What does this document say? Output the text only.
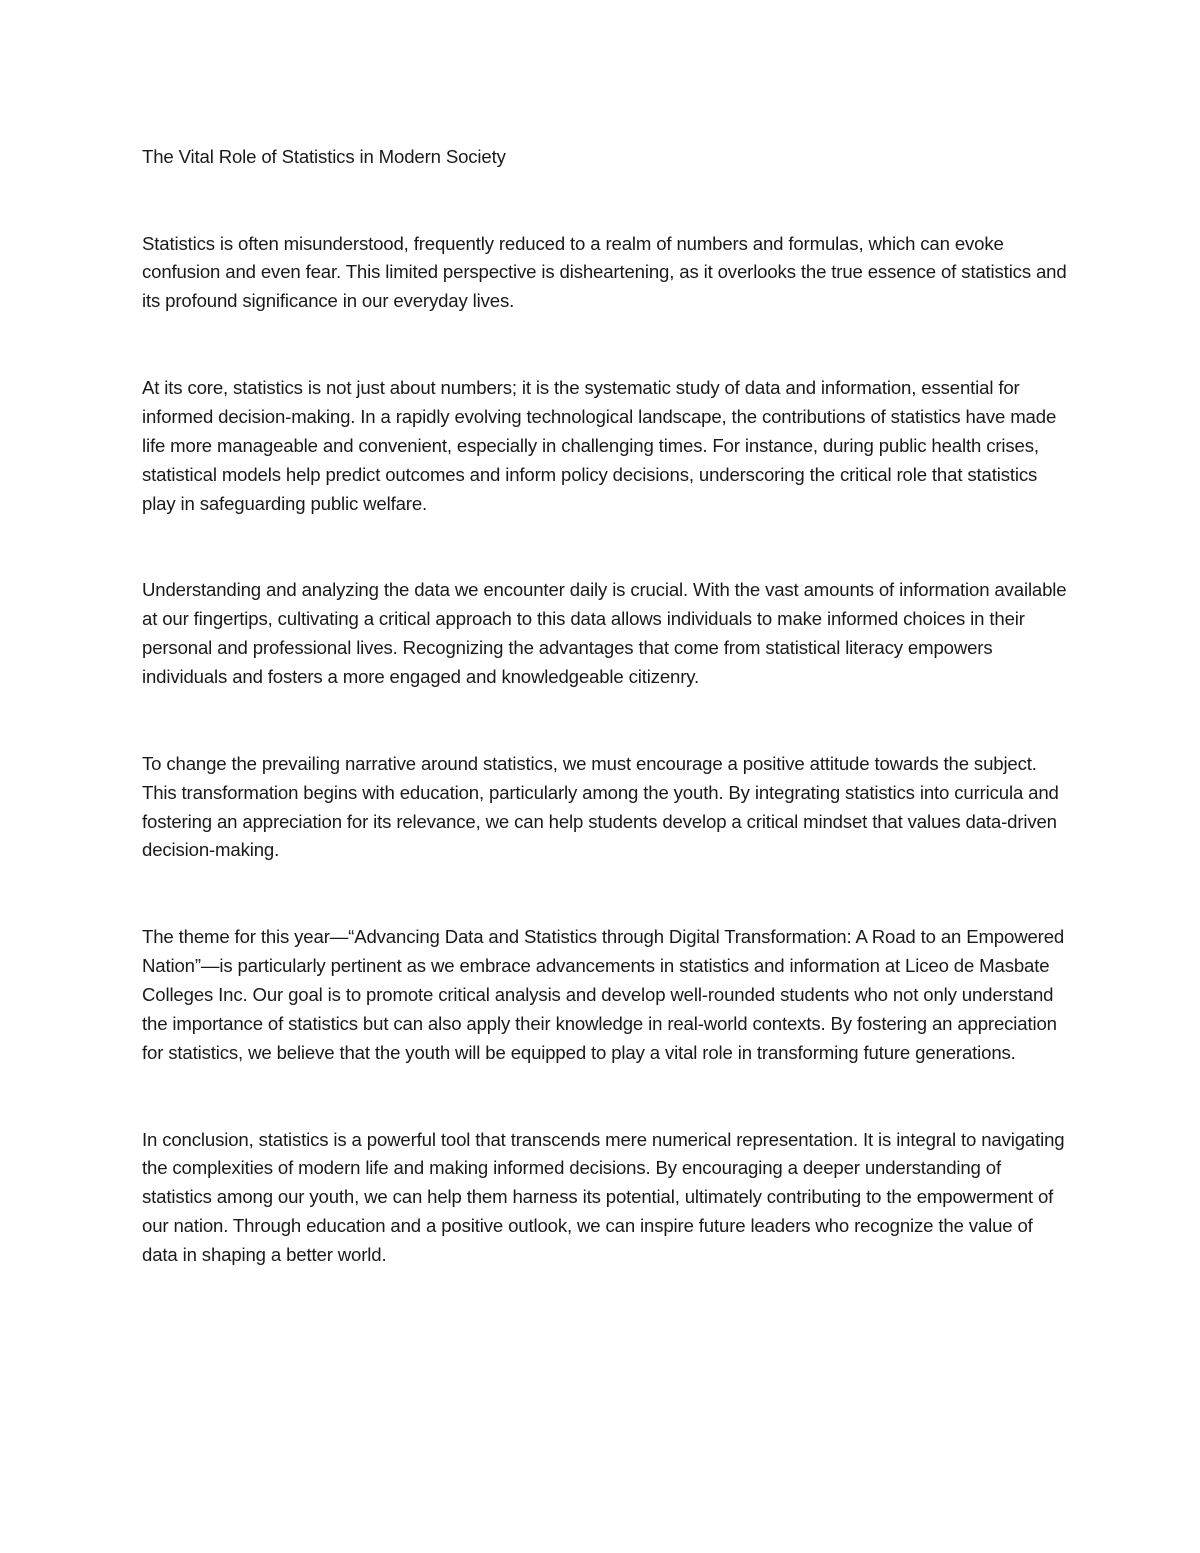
The Vital Role of Statistics in Modern Society

Statistics is often misunderstood, frequently reduced to a realm of numbers and formulas, which can evoke confusion and even fear. This limited perspective is disheartening, as it overlooks the true essence of statistics and its profound significance in our everyday lives.

At its core, statistics is not just about numbers; it is the systematic study of data and information, essential for informed decision-making. In a rapidly evolving technological landscape, the contributions of statistics have made life more manageable and convenient, especially in challenging times. For instance, during public health crises, statistical models help predict outcomes and inform policy decisions, underscoring the critical role that statistics play in safeguarding public welfare.

Understanding and analyzing the data we encounter daily is crucial. With the vast amounts of information available at our fingertips, cultivating a critical approach to this data allows individuals to make informed choices in their personal and professional lives. Recognizing the advantages that come from statistical literacy empowers individuals and fosters a more engaged and knowledgeable citizenry.

To change the prevailing narrative around statistics, we must encourage a positive attitude towards the subject. This transformation begins with education, particularly among the youth. By integrating statistics into curricula and fostering an appreciation for its relevance, we can help students develop a critical mindset that values data-driven decision-making.

The theme for this year—“Advancing Data and Statistics through Digital Transformation: A Road to an Empowered Nation”—is particularly pertinent as we embrace advancements in statistics and information at Liceo de Masbate Colleges Inc. Our goal is to promote critical analysis and develop well-rounded students who not only understand the importance of statistics but can also apply their knowledge in real-world contexts. By fostering an appreciation for statistics, we believe that the youth will be equipped to play a vital role in transforming future generations.

In conclusion, statistics is a powerful tool that transcends mere numerical representation. It is integral to navigating the complexities of modern life and making informed decisions. By encouraging a deeper understanding of statistics among our youth, we can help them harness its potential, ultimately contributing to the empowerment of our nation. Through education and a positive outlook, we can inspire future leaders who recognize the value of data in shaping a better world.
